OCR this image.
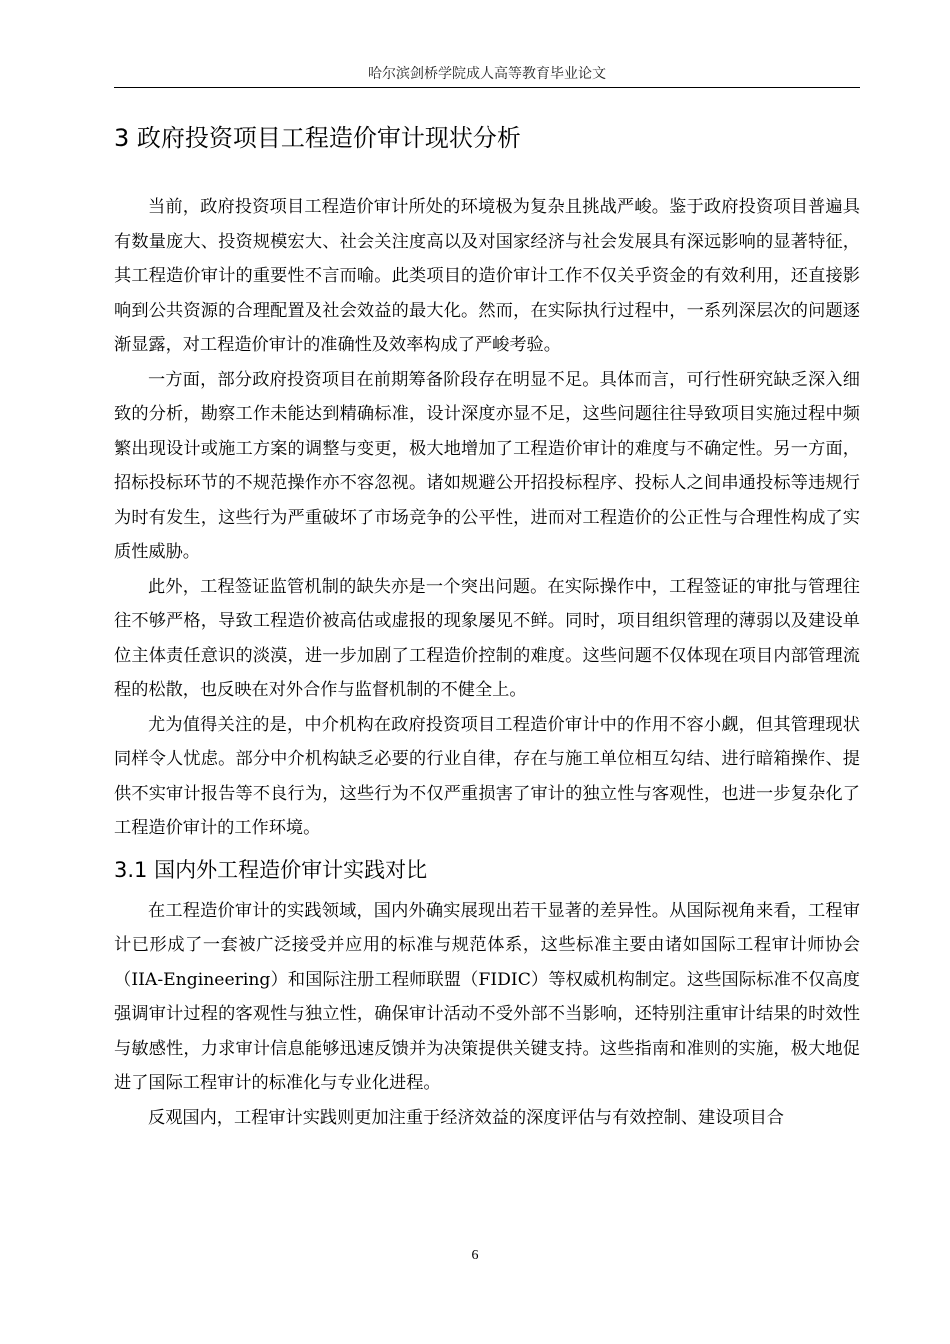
哈尔滨剑桥学院成人高等教育毕业论文
3 政府投资项目工程造价审计现状分析

当前，政府投资项目工程造价审计所处的环境极为复杂且挑战严峻。鉴于政府投资项目普遍具有数量庞大、投资规模宏大、社会关注度高以及对国家经济与社会发展具有深远影响的显著特征，其工程造价审计的重要性不言而喻。此类项目的造价审计工作不仅关乎资金的有效利用，还直接影响到公共资源的合理配置及社会效益的最大化。然而，在实际执行过程中，一系列深层次的问题逐渐显露，对工程造价审计的准确性及效率构成了严峻考验。

一方面，部分政府投资项目在前期筹备阶段存在明显不足。具体而言，可行性研究缺乏深入细致的分析，勘察工作未能达到精确标准，设计深度亦显不足，这些问题往往导致项目实施过程中频繁出现设计或施工方案的调整与变更，极大地增加了工程造价审计的难度与不确定性。另一方面，招标投标环节的不规范操作亦不容忽视。诸如规避公开招投标程序、投标人之间串通投标等违规行为时有发生，这些行为严重破坏了市场竞争的公平性，进而对工程造价的公正性与合理性构成了实质性威胁。

此外，工程签证监管机制的缺失亦是一个突出问题。在实际操作中，工程签证的审批与管理往往不够严格，导致工程造价被高估或虚报的现象屡见不鲜。同时，项目组织管理的薄弱以及建设单位主体责任意识的淡漠，进一步加剧了工程造价控制的难度。这些问题不仅体现在项目内部管理流程的松散，也反映在对外合作与监督机制的不健全上。

尤为值得关注的是，中介机构在政府投资项目工程造价审计中的作用不容小觑，但其管理现状同样令人忧虑。部分中介机构缺乏必要的行业自律，存在与施工单位相互勾结、进行暗箱操作、提供不实审计报告等不良行为，这些行为不仅严重损害了审计的独立性与客观性，也进一步复杂化了工程造价审计的工作环境。

3.1 国内外工程造价审计实践对比

在工程造价审计的实践领域，国内外确实展现出若干显著的差异性。从国际视角来看，工程审计已形成了一套被广泛接受并应用的标准与规范体系，这些标准主要由诸如国际工程审计师协会（IIA-Engineering）和国际注册工程师联盟（FIDIC）等权威机构制定。这些国际标准不仅高度强调审计过程的客观性与独立性，确保审计活动不受外部不当影响，还特别注重审计结果的时效性与敏感性，力求审计信息能够迅速反馈并为决策提供关键支持。这些指南和准则的实施，极大地促进了国际工程审计的标准化与专业化进程。

反观国内，工程审计实践则更加注重于经济效益的深度评估与有效控制、建设项目合

6
